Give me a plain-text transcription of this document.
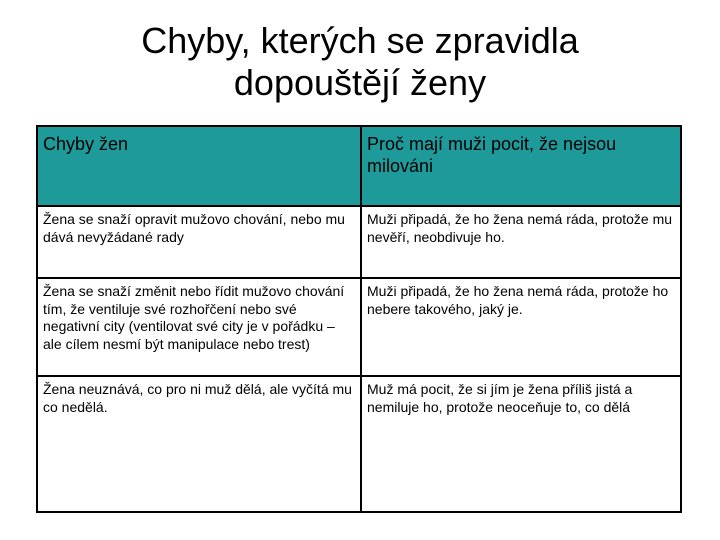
Chyby, kterých se zpravidla
dopouštějí ženy
Chyby žen	Proč mají muži pocit, že nejsou milováni
Žena se snaží opravit mužovo chování, nebo mu dává nevyžádané rady	Muži připadá, že ho žena nemá ráda, protože mu nevěří, neobdivuje ho.
Žena se snaží změnit nebo řídit mužovo chování tím, že ventiluje své rozhořčení nebo své negativní city (ventilovat své city je v pořádku – ale cílem nesmí být manipulace nebo trest)	Muži připadá, že ho žena nemá ráda, protože ho nebere takového, jaký je.
Žena neuznává, co pro ni muž dělá, ale vyčítá mu co nedělá.	Muž má pocit, že si jím je žena příliš jistá a nemiluje ho, protože neoceňuje to, co dělá
